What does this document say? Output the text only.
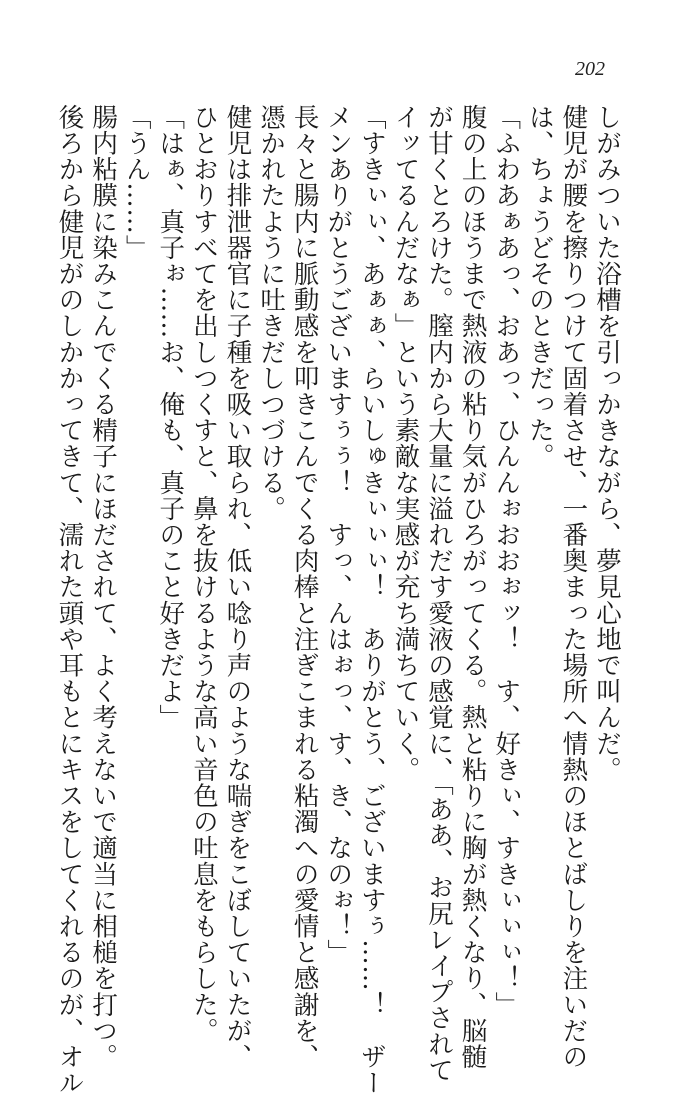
202
しがみついた浴槽を引っかきながら、夢見心地で叫んだ。
健児が腰を擦りつけて固着させ、一番奥まった場所へ情熱のほとばしりを注いだの
は、ちょうどそのときだった。
「ふわあぁあっ、おあっ、ひんんぉおおぉッ！　す、好きぃ、すきぃぃぃ！」
腹の上のほうまで熱液の粘り気がひろがってくる。熱と粘りに胸が熱くなり、脳髄
が甘くとろけた。膣内から大量に溢れだす愛液の感覚に、「ああ、お尻レイプされて
イッてるんだなぁ」という素敵な実感が充ち満ちていく。
「すきぃぃ、あぁぁ、らいしゅきぃぃぃ！　ありがとう、ございますぅ……！　ザー
メンありがとうございますぅぅ！　すっ、んはぉっ、す、き、なのぉ！」
長々と腸内に脈動感を叩きこんでくる肉棒と注ぎこまれる粘濁への愛情と感謝を、
憑かれたように吐きだしつづける。
健児は排泄器官に子種を吸い取られ、低い唸り声のような喘ぎをこぼしていたが、
ひとおりすべてを出しつくすと、鼻を抜けるような高い音色の吐息をもらした。
「はぁ、真子ぉ……お、俺も、真子のこと好きだよ」
「うん……」
腸内粘膜に染みこんでくる精子にほだされて、よく考えないで適当に相槌を打つ。
後ろから健児がのしかかってきて、濡れた頭や耳もとにキスをしてくれるのが、オル
